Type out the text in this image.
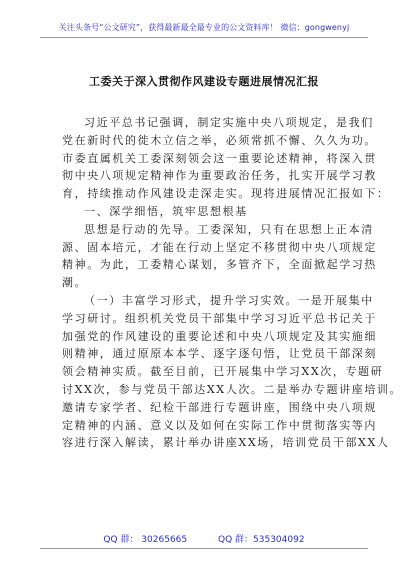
关注头条号“公文研究”，获得最新最全最专业的公文资料库！ 微信：gongwenyj
工委关于深入贯彻作风建设专题进展情况汇报
习近平总书记强调，制定实施中央八项规定，是我们
党在新时代的徙木立信之举，必须常抓不懈、久久为功。
市委直属机关工委深刻领会这一重要论述精神，将深入贯
彻中央八项规定精神作为重要政治任务，扎实开展学习教
育，持续推动作风建设走深走实。现将进展情况汇报如下：
一、深学细悟，筑牢思想根基
思想是行动的先导。工委深知，只有在思想上正本清
源、固本培元，才能在行动上坚定不移贯彻中央八项规定
精神。为此，工委精心谋划，多管齐下，全面掀起学习热
潮。
（一）丰富学习形式，提升学习实效。一是开展集中
学习研讨。组织机关党员干部集中学习习近平总书记关于
加强党的作风建设的重要论述和中央八项规定及其实施细
则精神，通过原原本本学、逐字逐句悟，让党员干部深刻
领会精神实质。截至目前，已开展集中学习XX次，专题研
讨XX次，参与党员干部达XX人次。二是举办专题讲座培训。
邀请专家学者、纪检干部进行专题讲座，围绕中央八项规
定精神的内涵、意义以及如何在实际工作中贯彻落实等内
容进行深入解读，累计举办讲座XX场，培训党员干部XX人
QQ 群： 30265665	QQ 群：535304092
